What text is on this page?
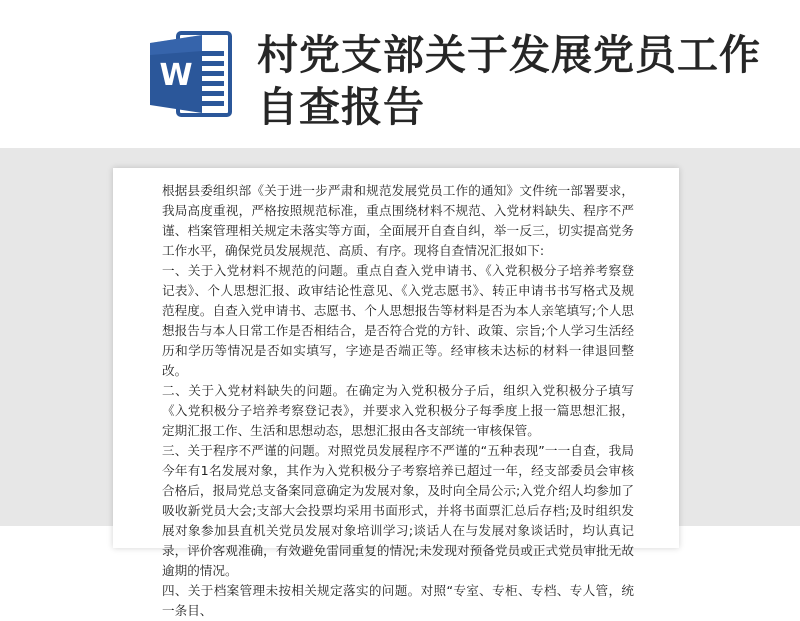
W 村党支部关于发展党员工作自查报告

根据县委组织部《关于进一步严肃和规范发展党员工作的通知》文件统一部署要求，我局高度重视，严格按照规范标准，重点围绕材料不规范、入党材料缺失、程序不严谨、档案管理相关规定未落实等方面，全面展开自查自纠，举一反三，切实提高党务工作水平，确保党员发展规范、高质、有序。现将自查情况汇报如下:

一、关于入党材料不规范的问题。重点自查入党申请书、《入党积极分子培养考察登记表》、个人思想汇报、政审结论性意见、《入党志愿书》、转正申请书书写格式及规范程度。自查入党申请书、志愿书、个人思想报告等材料是否为本人亲笔填写;个人思想报告与本人日常工作是否相结合，是否符合党的方针、政策、宗旨;个人学习生活经历和学历等情况是否如实填写，字迹是否端正等。经审核未达标的材料一律退回整改。

二、关于入党材料缺失的问题。在确定为入党积极分子后，组织入党积极分子填写《入党积极分子培养考察登记表》，并要求入党积极分子每季度上报一篇思想汇报，定期汇报工作、生活和思想动态，思想汇报由各支部统一审核保管。

三、关于程序不严谨的问题。对照党员发展程序不严谨的“五种表现”一一自查，我局今年有1名发展对象，其作为入党积极分子考察培养已超过一年，经支部委员会审核合格后，报局党总支备案同意确定为发展对象，及时向全局公示;入党介绍人均参加了吸收新党员大会;支部大会投票均采用书面形式，并将书面票汇总后存档;及时组织发展对象参加县直机关党员发展对象培训学习;谈话人在与发展对象谈话时，均认真记录，评价客观准确，有效避免雷同重复的情况;未发现对预备党员或正式党员审批无故逾期的情况。

四、关于档案管理未按相关规定落实的问题。对照“专室、专柜、专档、专人管，统一条目、
